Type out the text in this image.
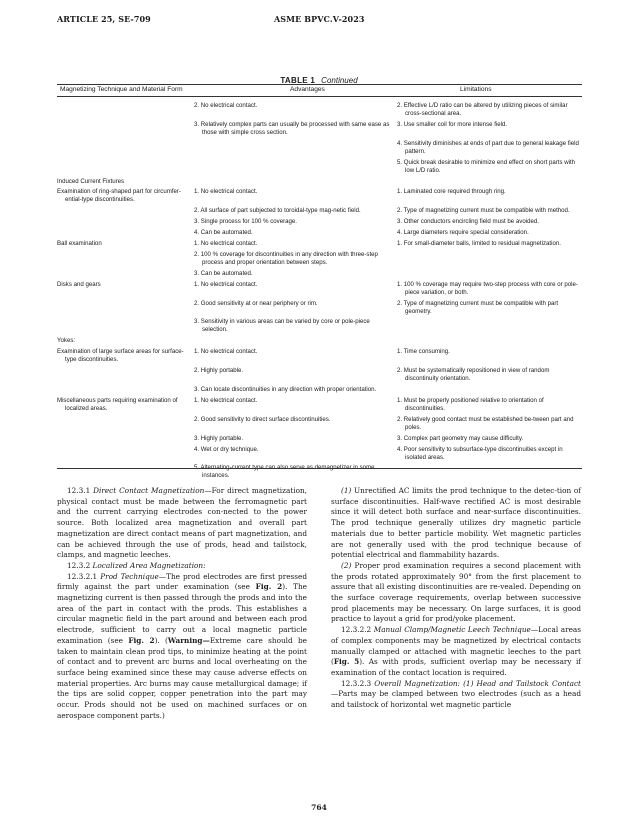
ARTICLE 25, SE-709	ASME BPVC.V-2023
TABLE 1 Continued
Magnetizing Technique and Material Form	Advantages	Limitations

	2. No electrical contact.	2. Effective L/D ratio can be altered by utilizing pieces of similar cross-sectional area.

	3. Relatively complex parts can usually be processed with same ease as those with simple cross section.	3. Use smaller coil for more intense field.

		4. Sensitivity diminishes at ends of part due to general leakage field pattern.

		5. Quick break desirable to minimize end effect on short parts with low L/D ratio.

Induced Current Fixtures		

Examination of ring-shaped part for circumfer-ential-type discontinuities.	1. No electrical contact.	1. Laminated core required through ring.

	2. All surface of part subjected to toroidal-type mag-netic field.	2. Type of magnetizing current must be compatible with method.

	3. Single process for 100 % coverage.	3. Other conductors encircling field must be avoided.

	4. Can be automated.	4. Large diameters require special consideration.

Ball examination	1. No electrical contact.	1. For small-diameter balls, limited to residual magnetization.

	2. 100 % coverage for discontinuities in any direction with three-step process and proper orientation between steps.	

	3. Can be automated.	

Disks and gears	1. No electrical contact.	1. 100 % coverage may require two-step process with core or pole-piece variation, or both.

	2. Good sensitivity at or near periphery or rim.	2. Type of magnetizing current must be compatible with part geometry.

	3. Sensitivity in various areas can be varied by core or pole-piece selection.	

Yokes:		

Examination of large surface areas for surface-type discontinuities.	1. No electrical contact.	1. Time consuming.

	2. Highly portable.	2. Must be systematically repositioned in view of random discontinuity orientation.

	3. Can locate discontinuities in any direction with proper orientation.	

Miscellaneous parts requiring examination of localized areas.	1. No electrical contact.	1. Must be properly positioned relative to orientation of discontinuities.

	2. Good sensitivity to direct surface discontinuities.	2. Relatively good contact must be established be-tween part and poles.

	3. Highly portable.	3. Complex part geometry may cause difficulty.

	4. Wet or dry technique.	4. Poor sensitivity to subsurface-type discontinuities except in isolated areas.

	5. Alternating-current type can also serve as demagnetizer in some instances.	

12.3.1 Direct Contact Magnetization—For direct magnetization, physical contact must be made between the ferromagnetic part and the current carrying electrodes con-nected to the power source. Both localized area magnetization and overall part magnetization are direct contact means of part magnetization, and can be achieved through the use of prods, head and tailstock, clamps, and magnetic leeches.

12.3.2 Localized Area Magnetization:

12.3.2.1 Prod Technique—The prod electrodes are first pressed firmly against the part under examination (see Fig. 2). The magnetizing current is then passed through the prods and into the area of the part in contact with the prods. This establishes a circular magnetic field in the part around and between each prod electrode, sufficient to carry out a local magnetic particle examination (see Fig. 2). (Warning—Extreme care should be taken to maintain clean prod tips, to minimize heating at the point of contact and to prevent arc burns and local overheating on the surface being examined since these may cause adverse effects on material properties. Arc burns may cause metallurgical damage; if the tips are solid copper, copper penetration into the part may occur. Prods should not be used on machined surfaces or on aerospace component parts.)

(1) Unrectified AC limits the prod technique to the detec-tion of surface discontinuities. Half-wave rectified AC is most desirable since it will detect both surface and near-surface discontinuities. The prod technique generally utilizes dry magnetic particle materials due to better particle mobility. Wet magnetic particles are not generally used with the prod technique because of potential electrical and flammability hazards.

(2) Proper prod examination requires a second placement with the prods rotated approximately 90° from the first placement to assure that all existing discontinuities are re-vealed. Depending on the surface coverage requirements, overlap between successive prod placements may be necessary. On large surfaces, it is good practice to layout a grid for prod/yoke placement.

12.3.2.2 Manual Clamp/Magnetic Leech Technique—Local areas of complex components may be magnetized by electrical contacts manually clamped or attached with magnetic leeches to the part (Fig. 5). As with prods, sufficient overlap may be necessary if examination of the contact location is required.

12.3.2.3 Overall Magnetization: (1) Head and Tailstock Contact—Parts may be clamped between two electrodes (such as a head and tailstock of horizontal wet magnetic particle

764
